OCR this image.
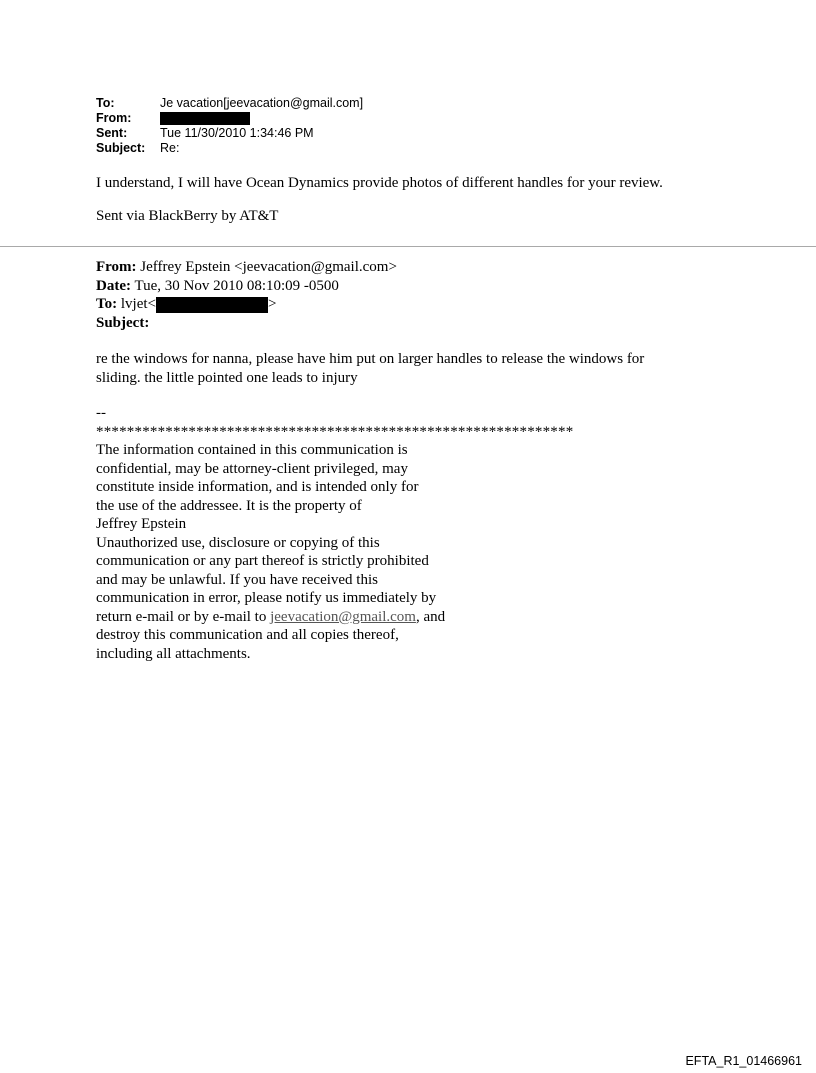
To:	Je vacation[jeevacation@gmail.com]
From:
Sent:	Tue 11/30/2010 1:34:46 PM
Subject:	Re:
I understand, I will have Ocean Dynamics provide photos of different handles for your review.
Sent via BlackBerry by AT&T
From: Jeffrey Epstein <jeevacation@gmail.com>
Date: Tue, 30 Nov 2010 08:10:09 -0500
To: lvjet<	>
Subject:
re the windows for nanna, please have him put on larger handles to release the windows for
sliding. the little pointed one leads to injury
--
**************************************************************
The information contained in this communication is
confidential, may be attorney-client privileged, may
constitute inside information, and is intended only for
the use of the addressee. It is the property of
Jeffrey Epstein
Unauthorized use, disclosure or copying of this
communication or any part thereof is strictly prohibited
and may be unlawful. If you have received this
communication in error, please notify us immediately by
return e-mail or by e-mail to jeevacation@gmail.com, and
destroy this communication and all copies thereof,
including all attachments.
EFTA_R1_01466961
